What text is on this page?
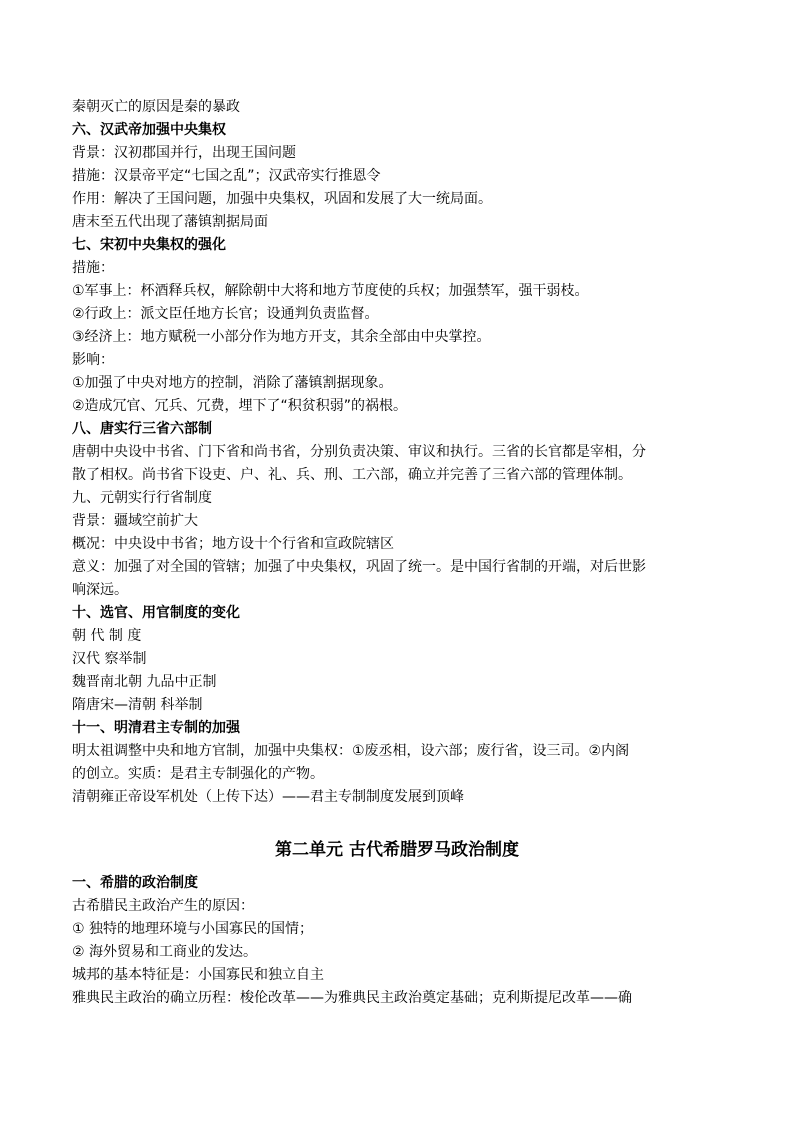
秦朝灭亡的原因是秦的暴政
六、汉武帝加强中央集权
背景：汉初郡国并行，出现王国问题
措施：汉景帝平定“七国之乱”；汉武帝实行推恩令
作用：解决了王国问题，加强中央集权，巩固和发展了大一统局面。
唐末至五代出现了藩镇割据局面
七、宋初中央集权的强化
措施：
①军事上：杯酒释兵权，解除朝中大将和地方节度使的兵权；加强禁军，强干弱枝。
②行政上：派文臣任地方长官；设通判负责监督。
③经济上：地方赋税一小部分作为地方开支，其余全部由中央掌控。
影响：
①加强了中央对地方的控制，消除了藩镇割据现象。
②造成冗官、冗兵、冗费，埋下了“积贫积弱”的祸根。
八、唐实行三省六部制
唐朝中央设中书省、门下省和尚书省，分别负责决策、审议和执行。三省的长官都是宰相，分
散了相权。尚书省下设吏、户、礼、兵、刑、工六部，确立并完善了三省六部的管理体制。
九、元朝实行行省制度
背景：疆域空前扩大
概况：中央设中书省；地方设十个行省和宣政院辖区
意义：加强了对全国的管辖；加强了中央集权，巩固了统一。是中国行省制的开端，对后世影
响深远。
十、选官、用官制度的变化
朝 代 制 度
汉代 察举制
魏晋南北朝 九品中正制
隋唐宋—清朝 科举制
十一、明清君主专制的加强
明太祖调整中央和地方官制，加强中央集权：①废丞相，设六部；废行省，设三司。②内阁
的创立。实质：是君主专制强化的产物。
清朝雍正帝设军机处（上传下达）——君主专制制度发展到顶峰
第二单元 古代希腊罗马政治制度
一、希腊的政治制度
古希腊民主政治产生的原因：
① 独特的地理环境与小国寡民的国情；
② 海外贸易和工商业的发达。
城邦的基本特征是：小国寡民和独立自主
雅典民主政治的确立历程：梭伦改革——为雅典民主政治奠定基础；克利斯提尼改革——确
